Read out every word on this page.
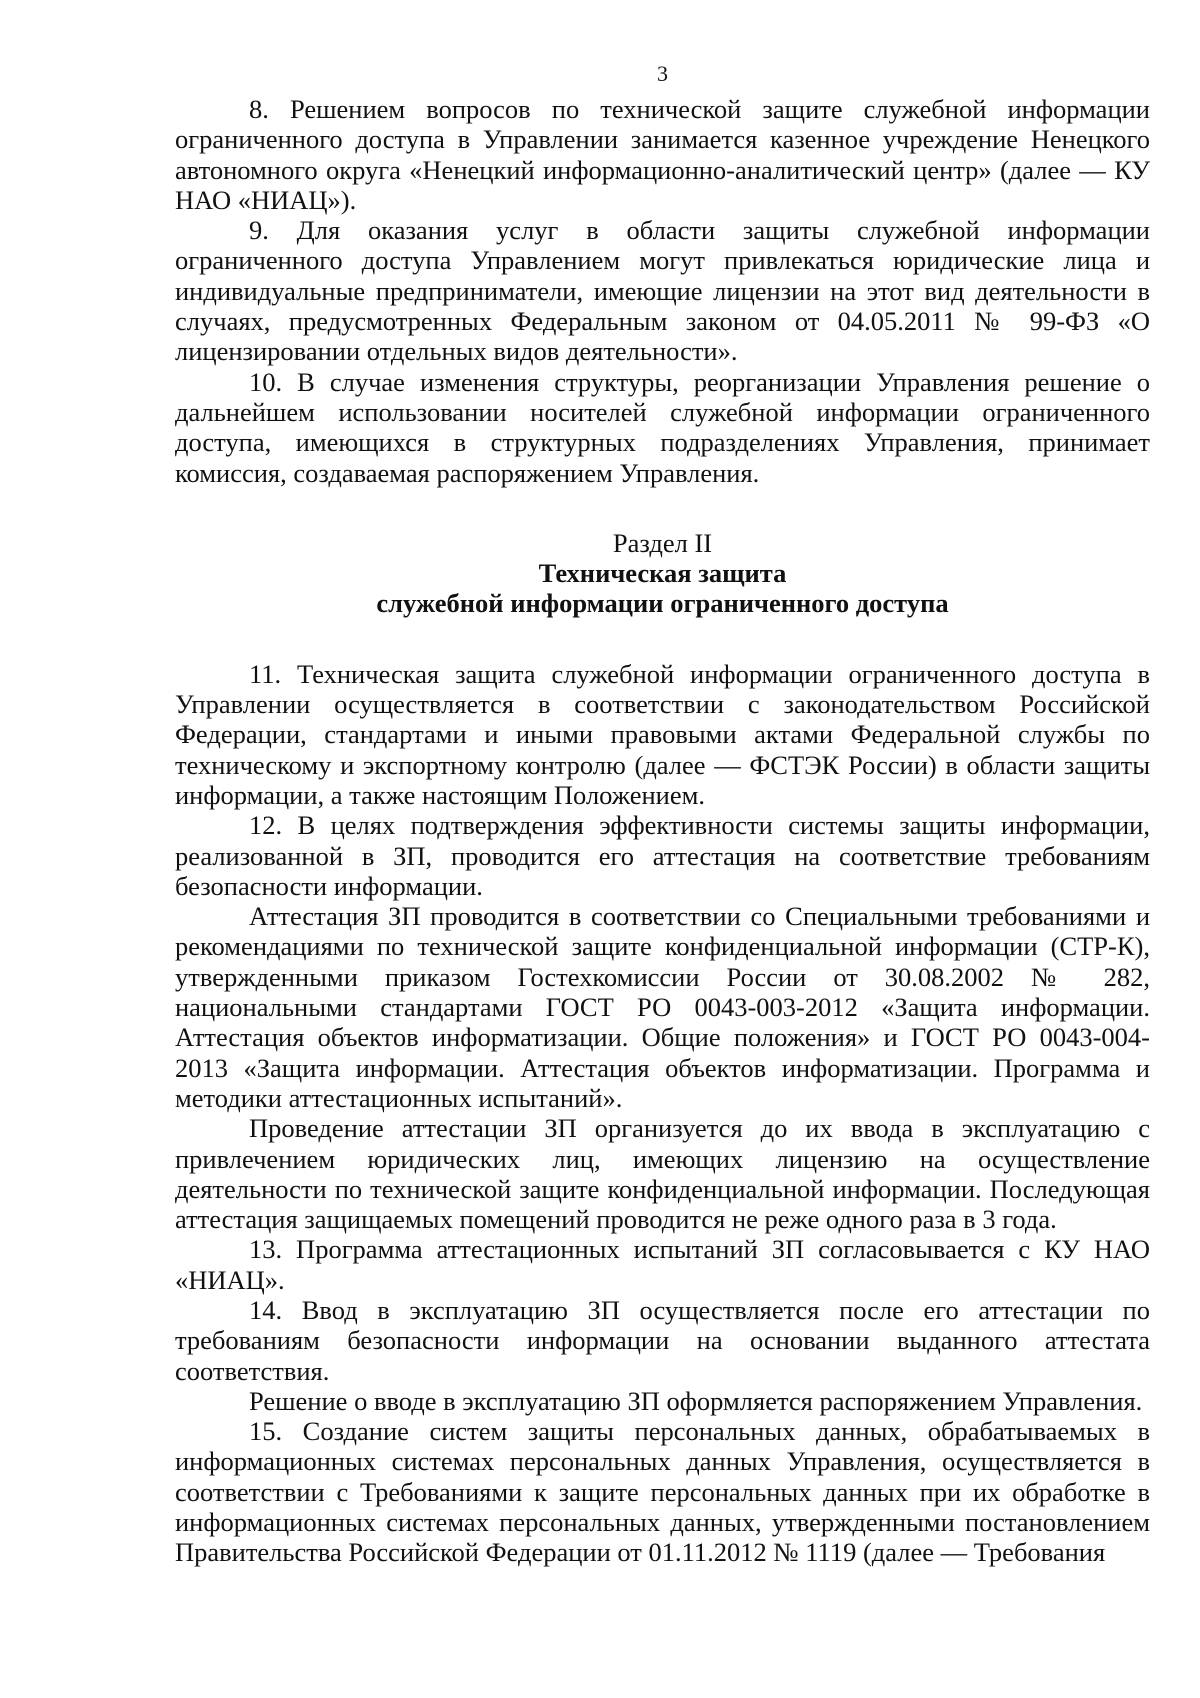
3

8. Решением вопросов по технической защите служебной информации ограниченного доступа в Управлении занимается казенное учреждение Ненецкого автономного округа «Ненецкий информационно-аналитический центр» (далее — КУ НАО «НИАЦ»).

9. Для оказания услуг в области защиты служебной информации ограниченного доступа Управлением могут привлекаться юридические лица и индивидуальные предприниматели, имеющие лицензии на этот вид деятельности в случаях, предусмотренных Федеральным законом от 04.05.2011 № 99-ФЗ «О лицензировании отдельных видов деятельности».

10. В случае изменения структуры, реорганизации Управления решение о дальнейшем использовании носителей служебной информации ограниченного доступа, имеющихся в структурных подразделениях Управления, принимает комиссия, создаваемая распоряжением Управления.

Раздел II
Техническая защита
служебной информации ограниченного доступа

11. Техническая защита служебной информации ограниченного доступа в Управлении осуществляется в соответствии с законодательством Российской Федерации, стандартами и иными правовыми актами Федеральной службы по техническому и экспортному контролю (далее — ФСТЭК России) в области защиты информации, а также настоящим Положением.

12. В целях подтверждения эффективности системы защиты информации, реализованной в ЗП, проводится его аттестация на соответствие требованиям безопасности информации.

Аттестация ЗП проводится в соответствии со Специальными требованиями и рекомендациями по технической защите конфиденциальной информации (СТР-К), утвержденными приказом Гостехкомиссии России от 30.08.2002 № 282, национальными стандартами ГОСТ РО 0043-003-2012 «Защита информации. Аттестация объектов информатизации. Общие положения» и ГОСТ РО 0043-004-2013 «Защита информации. Аттестация объектов информатизации. Программа и методики аттестационных испытаний».

Проведение аттестации ЗП организуется до их ввода в эксплуатацию с привлечением юридических лиц, имеющих лицензию на осуществление деятельности по технической защите конфиденциальной информации. Последующая аттестация защищаемых помещений проводится не реже одного раза в 3 года.

13. Программа аттестационных испытаний ЗП согласовывается с КУ НАО «НИАЦ».

14. Ввод в эксплуатацию ЗП осуществляется после его аттестации по требованиям безопасности информации на основании выданного аттестата соответствия.

Решение о вводе в эксплуатацию ЗП оформляется распоряжением Управления.

15. Создание систем защиты персональных данных, обрабатываемых в информационных системах персональных данных Управления, осуществляется в соответствии с Требованиями к защите персональных данных при их обработке в информационных системах персональных данных, утвержденными постановлением Правительства Российской Федерации от 01.11.2012 № 1119 (далее — Требования
